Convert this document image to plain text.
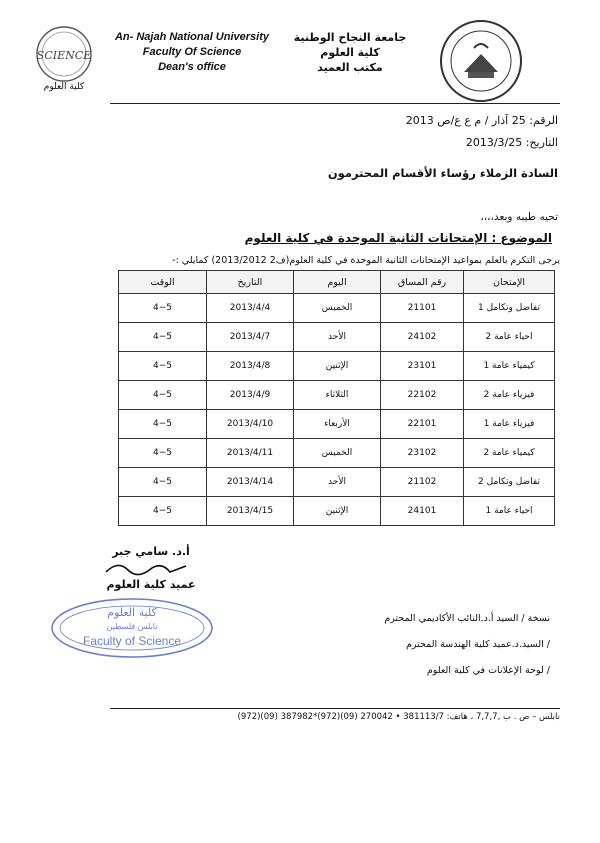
SCIENCE
كلية العلوم
An- Najah National University
Faculty Of Science
Dean's office
جامعة النجاح الوطنية
كلية العلوم
مكتب العميد
الرقم: 25 آذار / م ع ع/ص 2013
التاريخ: 2013/3/25
السادة الزملاء رؤساء الأقسام المحترمون
تحيه طيبه وبعد،،،،
الموضوع : الإمتحانات الثانية الموحدة في كلية العلوم
يرجى التكرم بالعلم بمواعيد الإمتحانات الثانية الموحدة في كلية العلوم(ف2 2013/2012) كمايلي :-
الإمتحان	رقم المساق	اليوم	التاريخ	الوقت
تفاضل وتكامل 1	21101	الخميس	2013/4/4	4−5
احياء عامة 2	24102	الأحد	2013/4/7	4−5
كيمياء عامة 1	23101	الإثنين	2013/4/8	4−5
فيزياء عامة 2	22102	الثلاثاء	2013/4/9	4−5
فيزياء عامة 1	22101	الأربعاء	2013/4/10	4−5
كيمياء عامة 2	23102	الخميس	2013/4/11	4−5
تفاضل وتكامل 2	21102	الأحد	2013/4/14	4−5
احياء عامة 1	24101	الإثنين	2013/4/15	4−5
أ.د. سامي جبر
عميد كلية العلوم
كلية العلوم
نابلس فلسطين
Faculty of Science
نسخة / السيد أ.د.النائب الأكاديمي المحترم
/ السيد.د.عميد كلية الهندسة المحترم
/ لوحة الإعلانات في كلية العلوم
نابلس – ص . ب ,7,7,7 ، هاتف: 381113/7 • 270042 (09)(972)*387982 (09)(972)
